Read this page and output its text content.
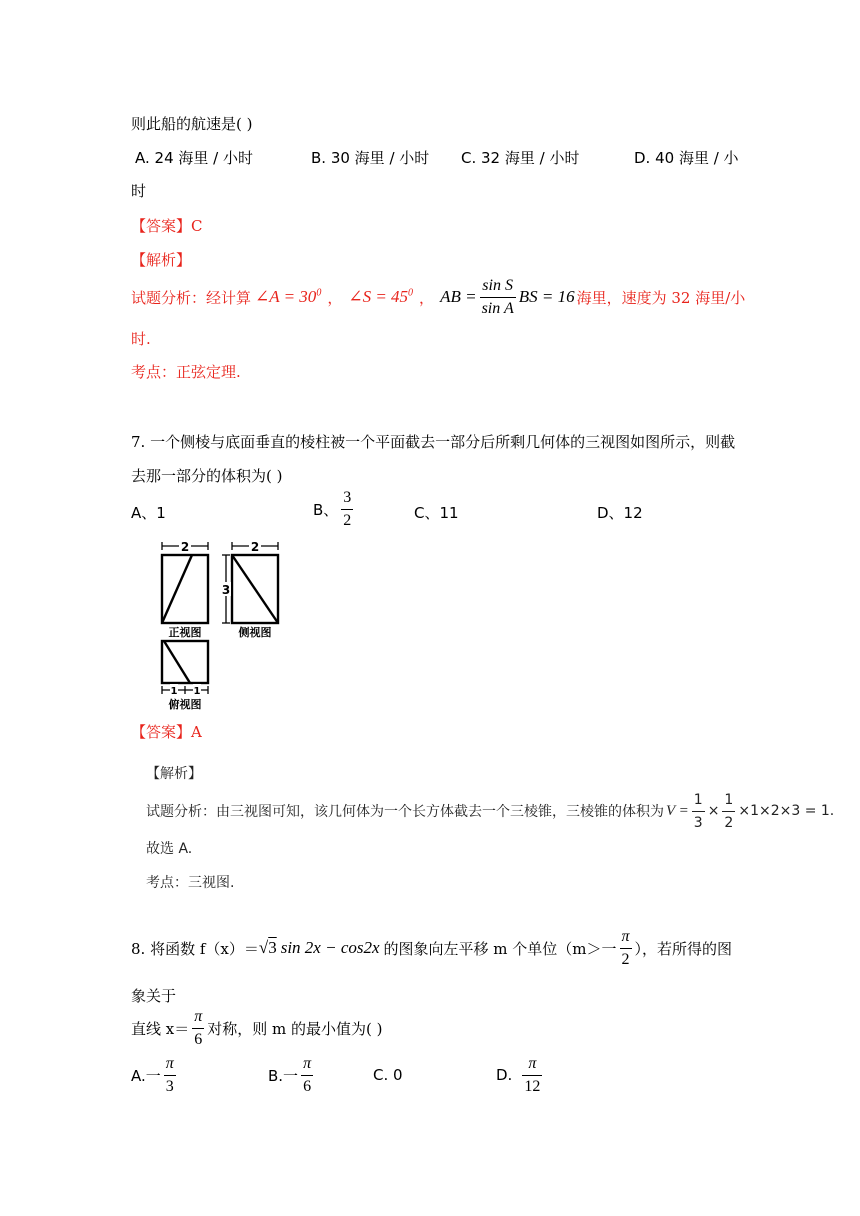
则此船的航速是( )
A. 24 海里 / 小时	B. 30 海里 / 小时 C. 32 海里 / 小时	D. 40 海里 / 小
时
【答案】C
【解析】
试题分析：经计算 ∠A = $30^0$ ， ∠S = $45^0$ ， AB = $\frac{\text{sin S}}{\text{sin A}}$ BS = 16 海里，速度为 32 海里/小
时.
考点：正弦定理.
7. 一个侧棱与底面垂直的棱柱被一个平面截去一部分后所剩几何体的三视图如图所示，则截
去那一部分的体积为( )
A、1	B、 $\frac{3}{2}$	C、11	D、12
2	2
3
1 1
正视图	侧视图
俯视图
【答案】A
【解析】
试题分析：由三视图可知，该几何体为一个长方体截去一个三棱锥，三棱锥的体积为 $V = \frac{1}{3} \times \frac{1}{2} \times 1\times 2\times 3 = 1$.
故选 A.
考点：三视图.
8. 将函数 f（x）＝ √3 sin 2x − cos2x 的图象向左平移 m 个单位（m＞一 $\frac{\pi}{2}$ ），若所得的图
象关于
直线 $x= \frac{\pi}{6}$ 对称，则 m 的最小值为( )
A.一 $\frac{\pi}{3}$	B.一 $\frac{\pi}{6}$	C. 0	D. $\frac{\pi}{12}$
